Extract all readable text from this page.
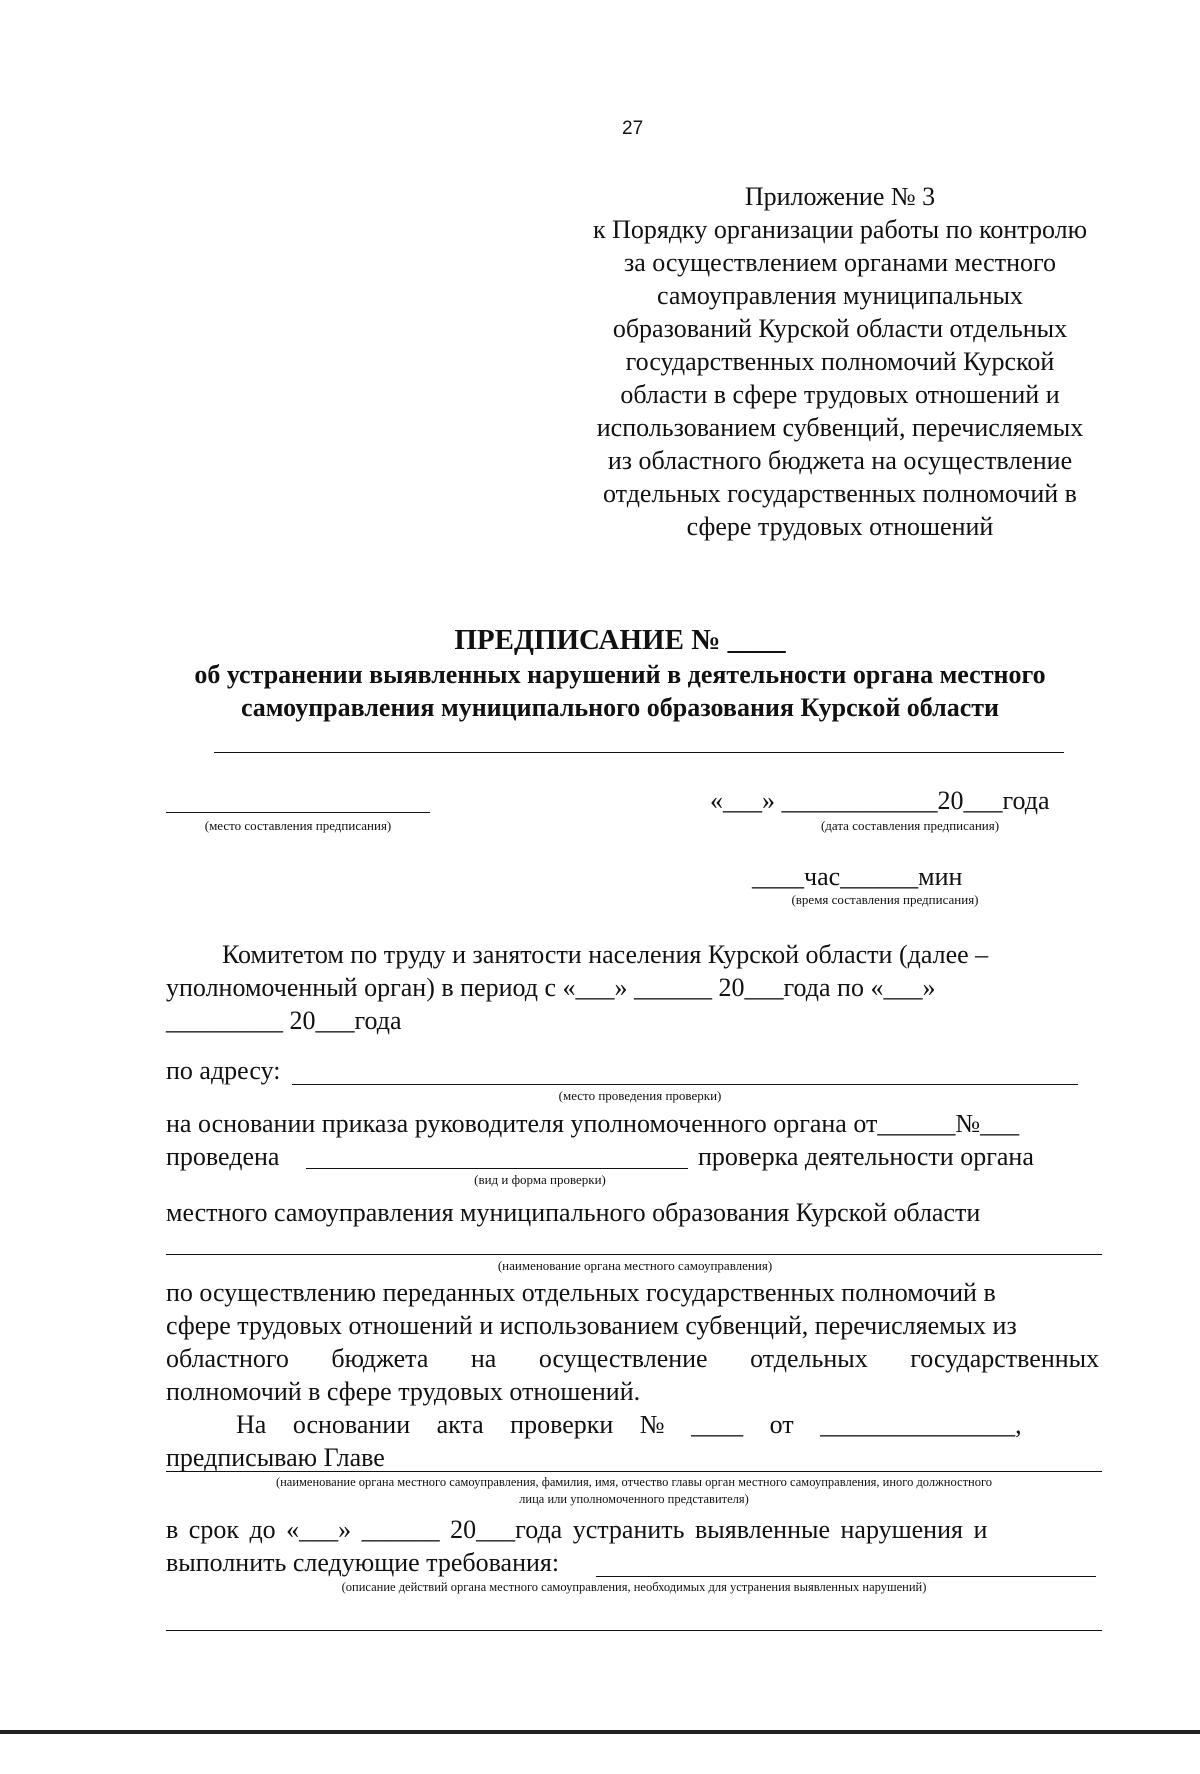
27
Приложение № 3
к Порядку организации работы по контролю
за осуществлением органами местного
самоуправления муниципальных
образований Курской области отдельных
государственных полномочий Курской
области в сфере трудовых отношений и
использованием субвенций, перечисляемых
из областного бюджета на осуществление
отдельных государственных полномочий в
сфере трудовых отношений
ПРЕДПИСАНИЕ № ____
об устранении выявленных нарушений в деятельности органа местного
самоуправления муниципального образования Курской области
(место составления предписания)
«___» ____________20___года
(дата составления предписания)
____час______мин
(время составления предписания)
Комитетом по труду и занятости населения Курской области (далее –
уполномоченный орган) в период с «___» ______ 20___года по «___»
_________ 20___года
по адресу:
(место проведения проверки)
на основании приказа руководителя уполномоченного органа от______№___
проведена	проверка деятельности органа
(вид и форма проверки)
местного самоуправления муниципального образования Курской области
(наименование органа местного самоуправления)
по осуществлению переданных отдельных государственных полномочий в
сфере трудовых отношений и использованием субвенций, перечисляемых из
областного бюджета на осуществление отдельных государственных
полномочий в сфере трудовых отношений.
На основании акта проверки № ____ от _______________,
предписываю Главе
(наименование органа местного самоуправления, фамилия, имя, отчество главы орган местного самоуправления, иного должностного
лица или уполномоченного представителя)
в срок до «___» ______ 20___года устранить выявленные нарушения и
выполнить следующие требования:
(описание действий органа местного самоуправления, необходимых для устранения выявленных нарушений)
